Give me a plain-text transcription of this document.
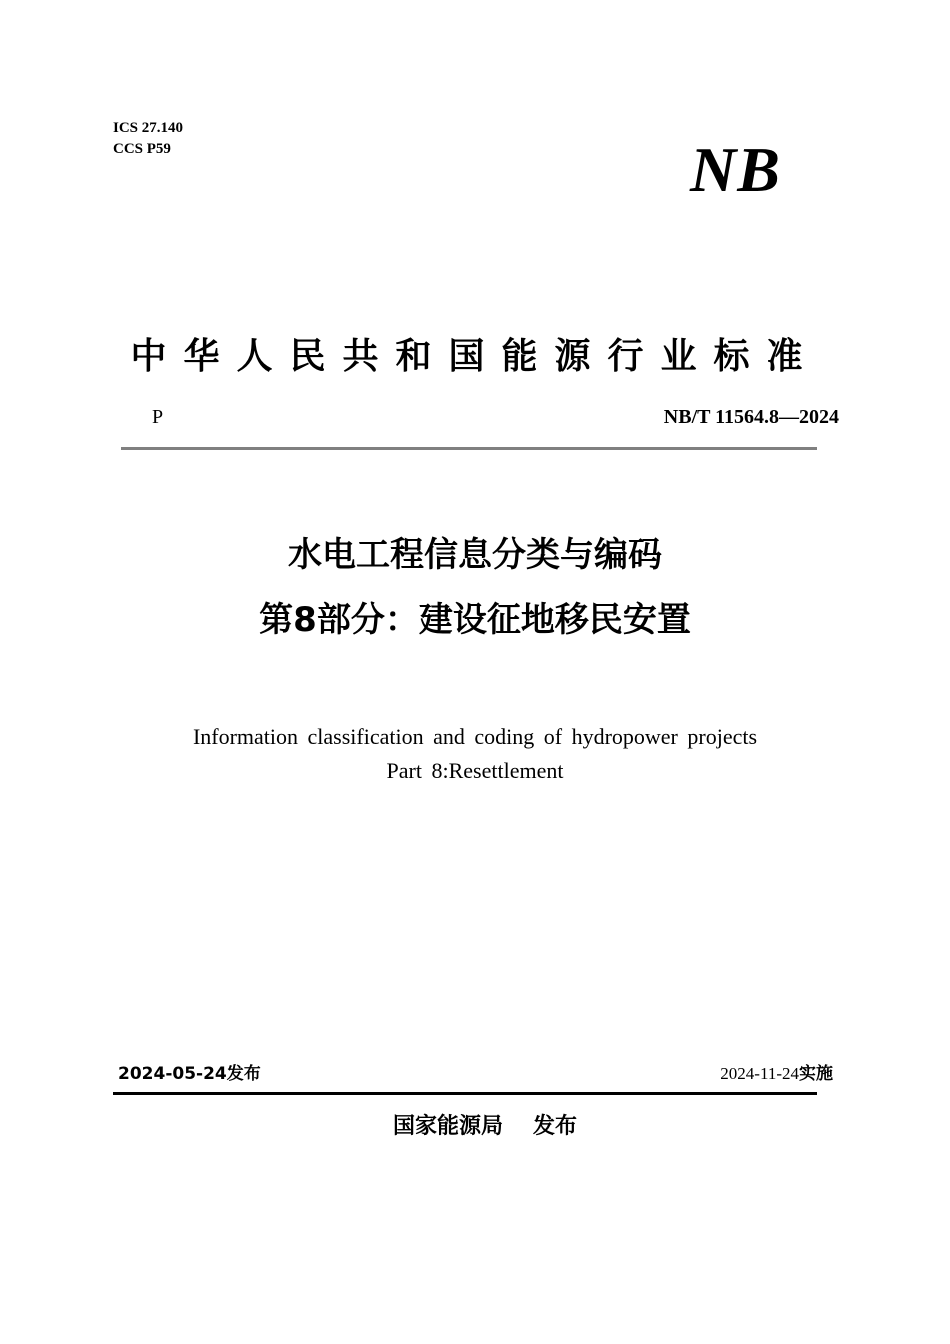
ICS 27.140
CCS P59	NB
中华人民共和国能源行业标准
P	NB/T 11564.8—2024
水电工程信息分类与编码
第8部分：建设征地移民安置
Information classification and coding of hydropower projects
Part 8:Resettlement
2024-05-24发布	2024-11-24实施
国家能源局 发布
